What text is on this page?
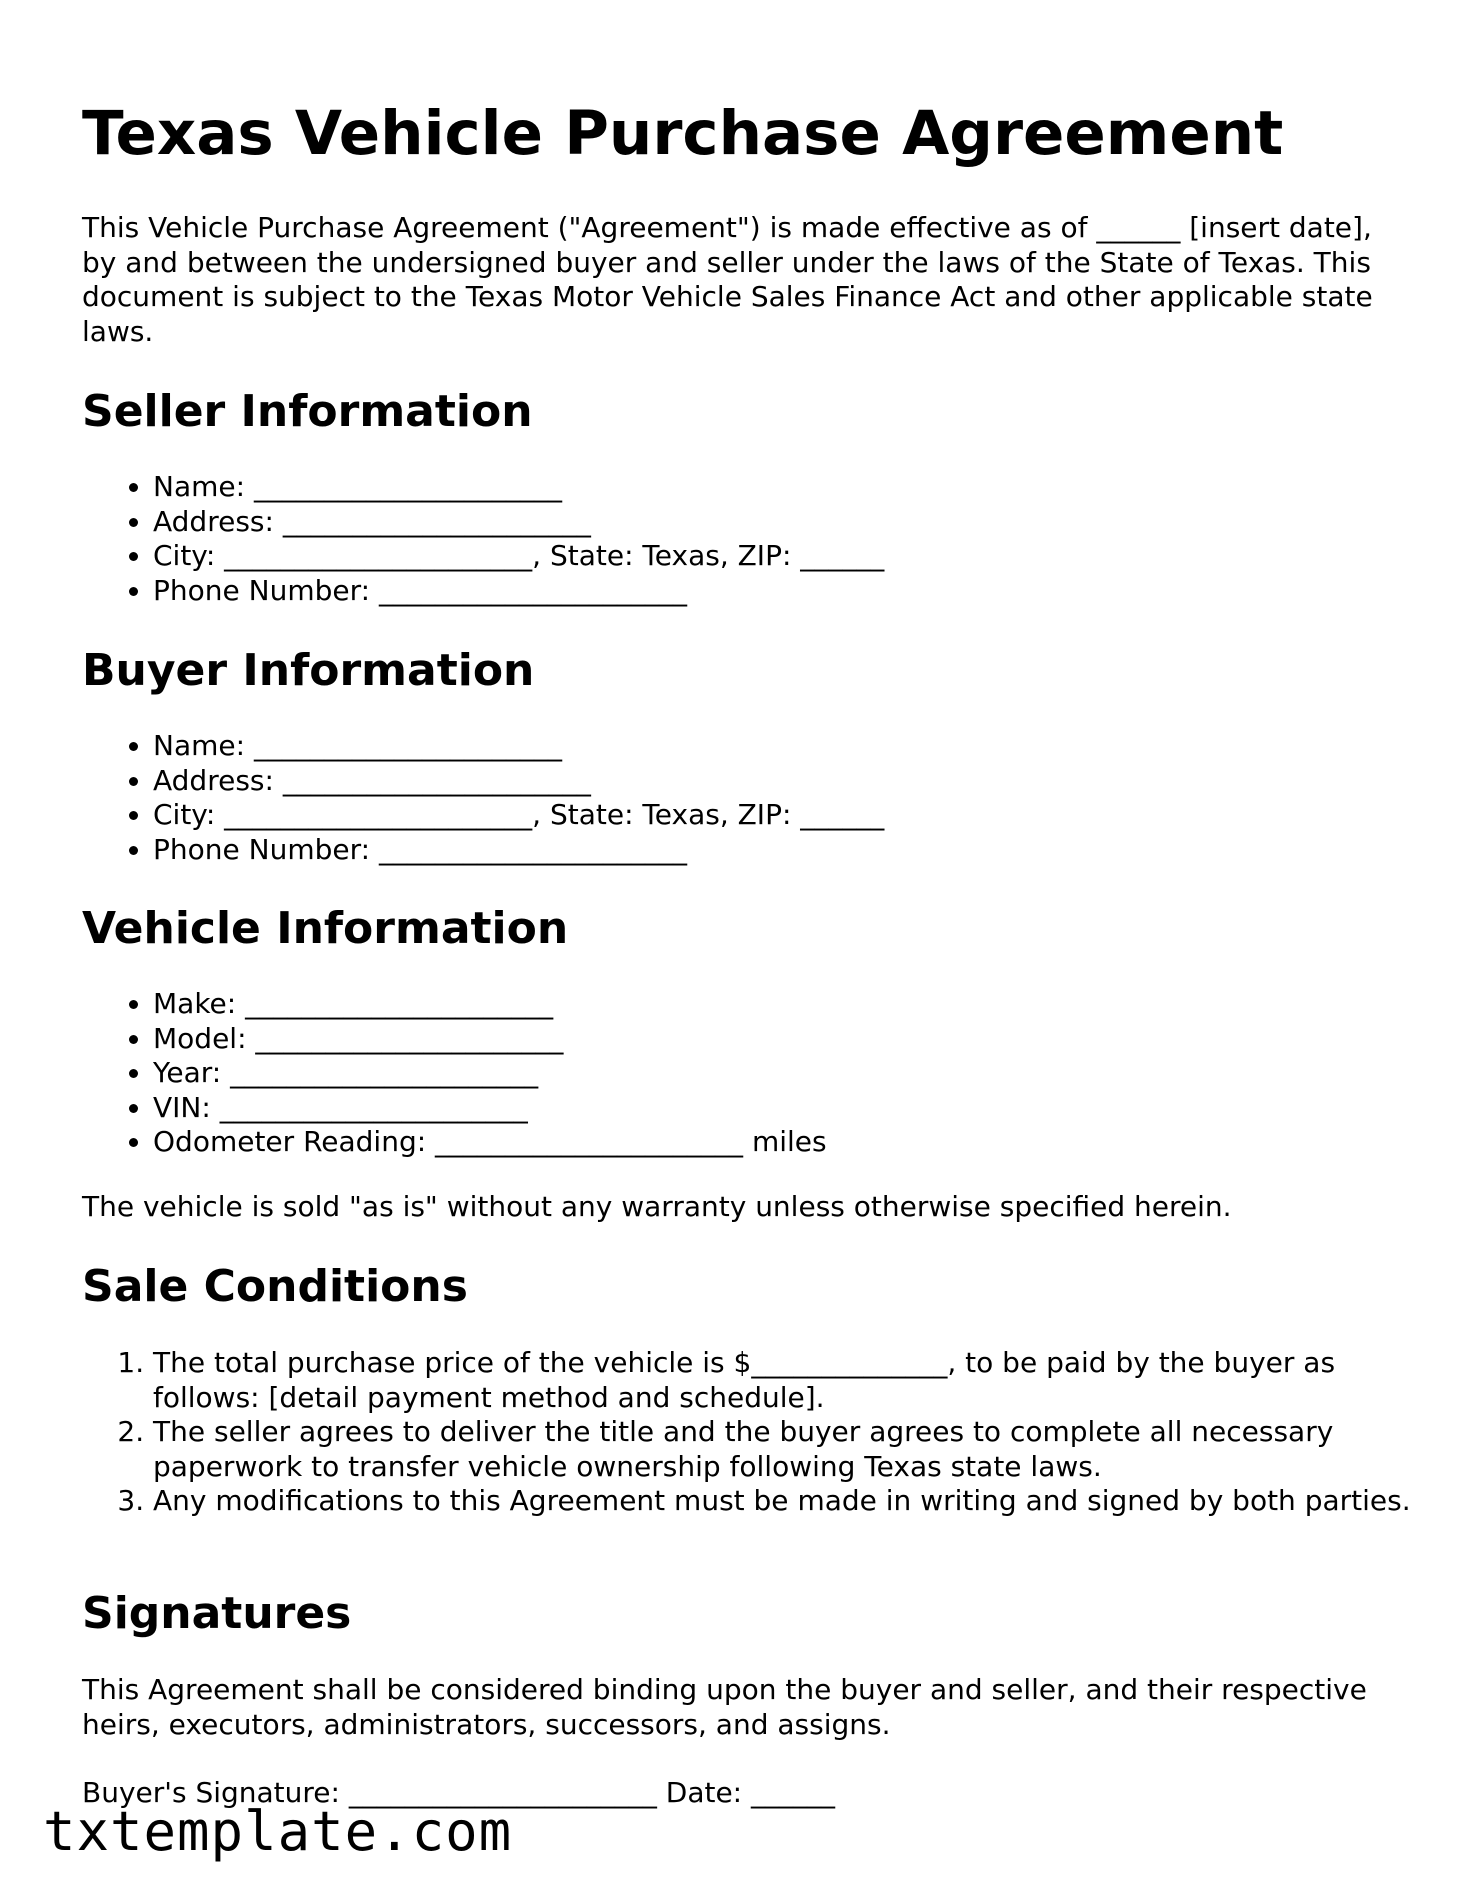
Texas Vehicle Purchase Agreement

This Vehicle Purchase Agreement ("Agreement") is made effective as of ______ [insert date], by and between the undersigned buyer and seller under the laws of the State of Texas. This document is subject to the Texas Motor Vehicle Sales Finance Act and other applicable state laws.

Seller Information
• Name: ______________________
• Address: ______________________
• City: ______________________, State: Texas, ZIP: ______
• Phone Number: ______________________
Buyer Information
• Name: ______________________
• Address: ______________________
• City: ______________________, State: Texas, ZIP: ______
• Phone Number: ______________________
Vehicle Information
• Make: ______________________
• Model: ______________________
• Year: ______________________
• VIN: ______________________
• Odometer Reading: ______________________ miles

The vehicle is sold "as is" without any warranty unless otherwise specified herein.

Sale Conditions
1. The total purchase price of the vehicle is $______________, to be paid by the buyer as follows: [detail payment method and schedule].
2. The seller agrees to deliver the title and the buyer agrees to complete all necessary paperwork to transfer vehicle ownership following Texas state laws.
3. Any modifications to this Agreement must be made in writing and signed by both parties.
Signatures

This Agreement shall be considered binding upon the buyer and seller, and their respective heirs, executors, administrators, successors, and assigns.

Buyer's Signature: ______________________ Date: ______

txtemplate.com
